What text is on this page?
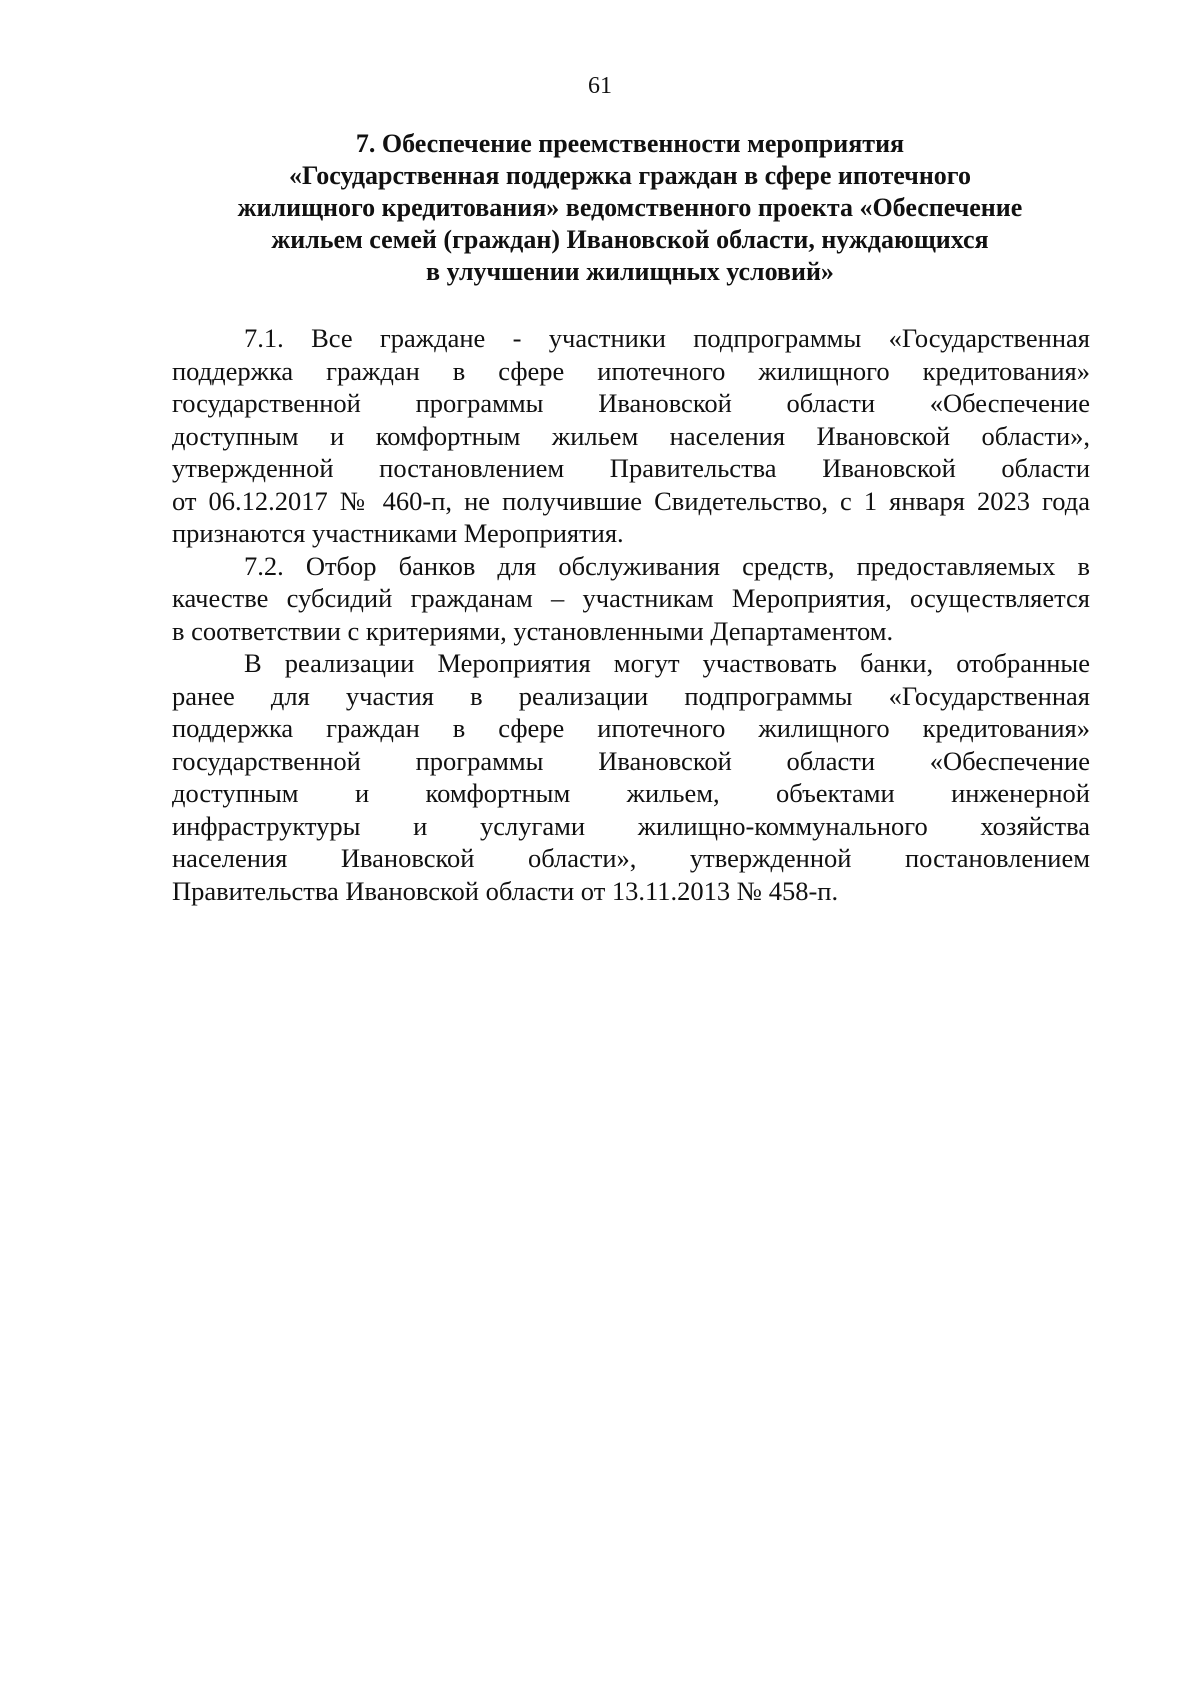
61
7. Обеспечение преемственности мероприятия
«Государственная поддержка граждан в сфере ипотечного
жилищного кредитования» ведомственного проекта «Обеспечение
жильем семей (граждан) Ивановской области, нуждающихся
в улучшении жилищных условий»

7.1. Все граждане - участники подпрограммы «Государственная
поддержка граждан в сфере ипотечного жилищного кредитования»
государственной программы Ивановской области «Обеспечение
доступным и комфортным жильем населения Ивановской области»,
утвержденной постановлением Правительства Ивановской области
от 06.12.2017 № 460-п, не получившие Свидетельство, с 1 января 2023 года
признаются участниками Мероприятия.

7.2. Отбор банков для обслуживания средств, предоставляемых в
качестве субсидий гражданам – участникам Мероприятия, осуществляется
в соответствии с критериями, установленными Департаментом.

В реализации Мероприятия могут участвовать банки, отобранные
ранее для участия в реализации подпрограммы «Государственная
поддержка граждан в сфере ипотечного жилищного кредитования»
государственной программы Ивановской области «Обеспечение
доступным и комфортным жильем, объектами инженерной
инфраструктуры и услугами жилищно-коммунального хозяйства
населения Ивановской области», утвержденной постановлением
Правительства Ивановской области от 13.11.2013 № 458-п.
